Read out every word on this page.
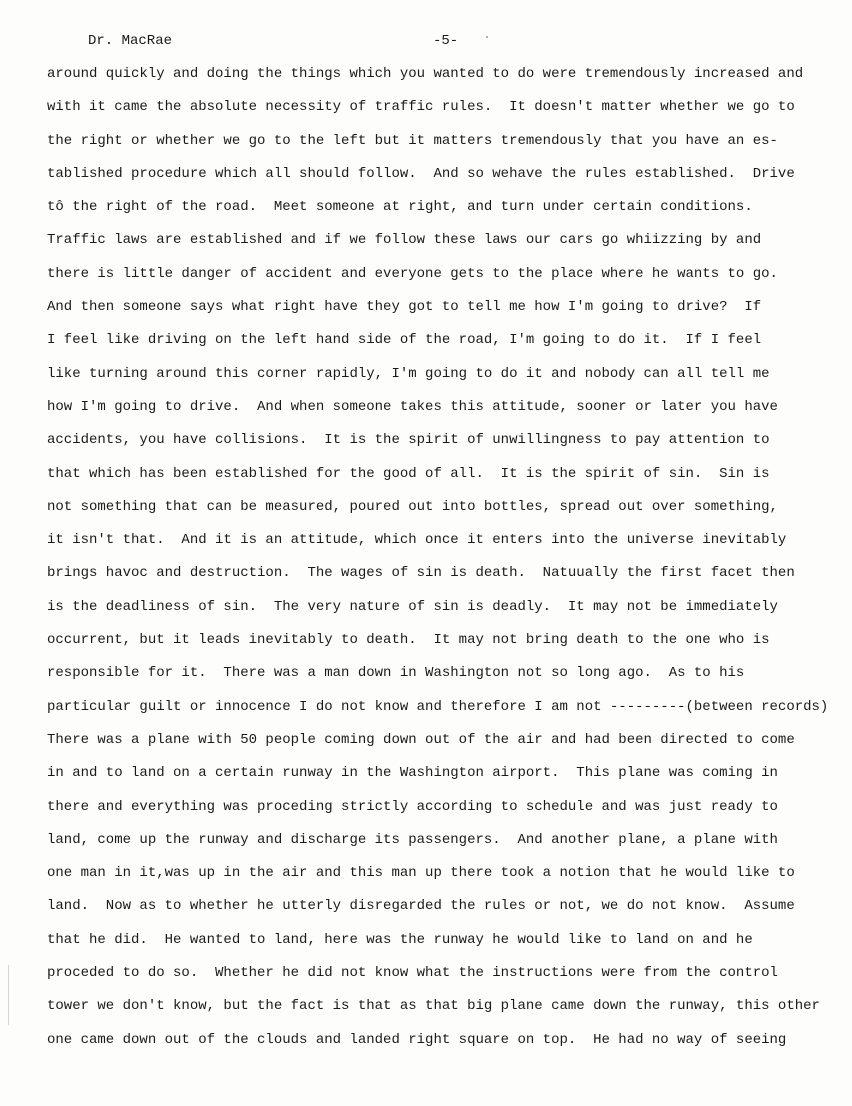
Dr. MacRae	-5-
around quickly and doing the things which you wanted to do were tremendously increased and
with it came the absolute necessity of traffic rules.  It doesn't matter whether we go to
the right or whether we go to the left but it matters tremendously that you have an es-
tablished procedure which all should follow.  And so wehave the rules established.  Drive
tô the right of the road.  Meet someone at right, and turn under certain conditions.
Traffic laws are established and if we follow these laws our cars go whiizzing by and
there is little danger of accident and everyone gets to the place where he wants to go.
And then someone says what right have they got to tell me how I'm going to drive?  If
I feel like driving on the left hand side of the road, I'm going to do it.  If I feel
like turning around this corner rapidly, I'm going to do it and nobody can all tell me
how I'm going to drive.  And when someone takes this attitude, sooner or later you have
accidents, you have collisions.  It is the spirit of unwillingness to pay attention to
that which has been established for the good of all.  It is the spirit of sin.  Sin is
not something that can be measured, poured out into bottles, spread out over something,
it isn't that.  And it is an attitude, which once it enters into the universe inevitably
brings havoc and destruction.  The wages of sin is death.  Natuually the first facet then
is the deadliness of sin.  The very nature of sin is deadly.  It may not be immediately
occurrent, but it leads inevitably to death.  It may not bring death to the one who is
responsible for it.  There was a man down in Washington not so long ago.  As to his
particular guilt or innocence I do not know and therefore I am not ---------(between records)
There was a plane with 50 people coming down out of the air and had been directed to come
in and to land on a certain runway in the Washington airport.  This plane was coming in
there and everything was proceding strictly according to schedule and was just ready to
land, come up the runway and discharge its passengers.  And another plane, a plane with
one man in it,was up in the air and this man up there took a notion that he would like to
land.  Now as to whether he utterly disregarded the rules or not, we do not know.  Assume
that he did.  He wanted to land, here was the runway he would like to land on and he
proceded to do so.  Whether he did not know what the instructions were from the control
tower we don't know, but the fact is that as that big plane came down the runway, this other
one came down out of the clouds and landed right square on top.  He had no way of seeing
